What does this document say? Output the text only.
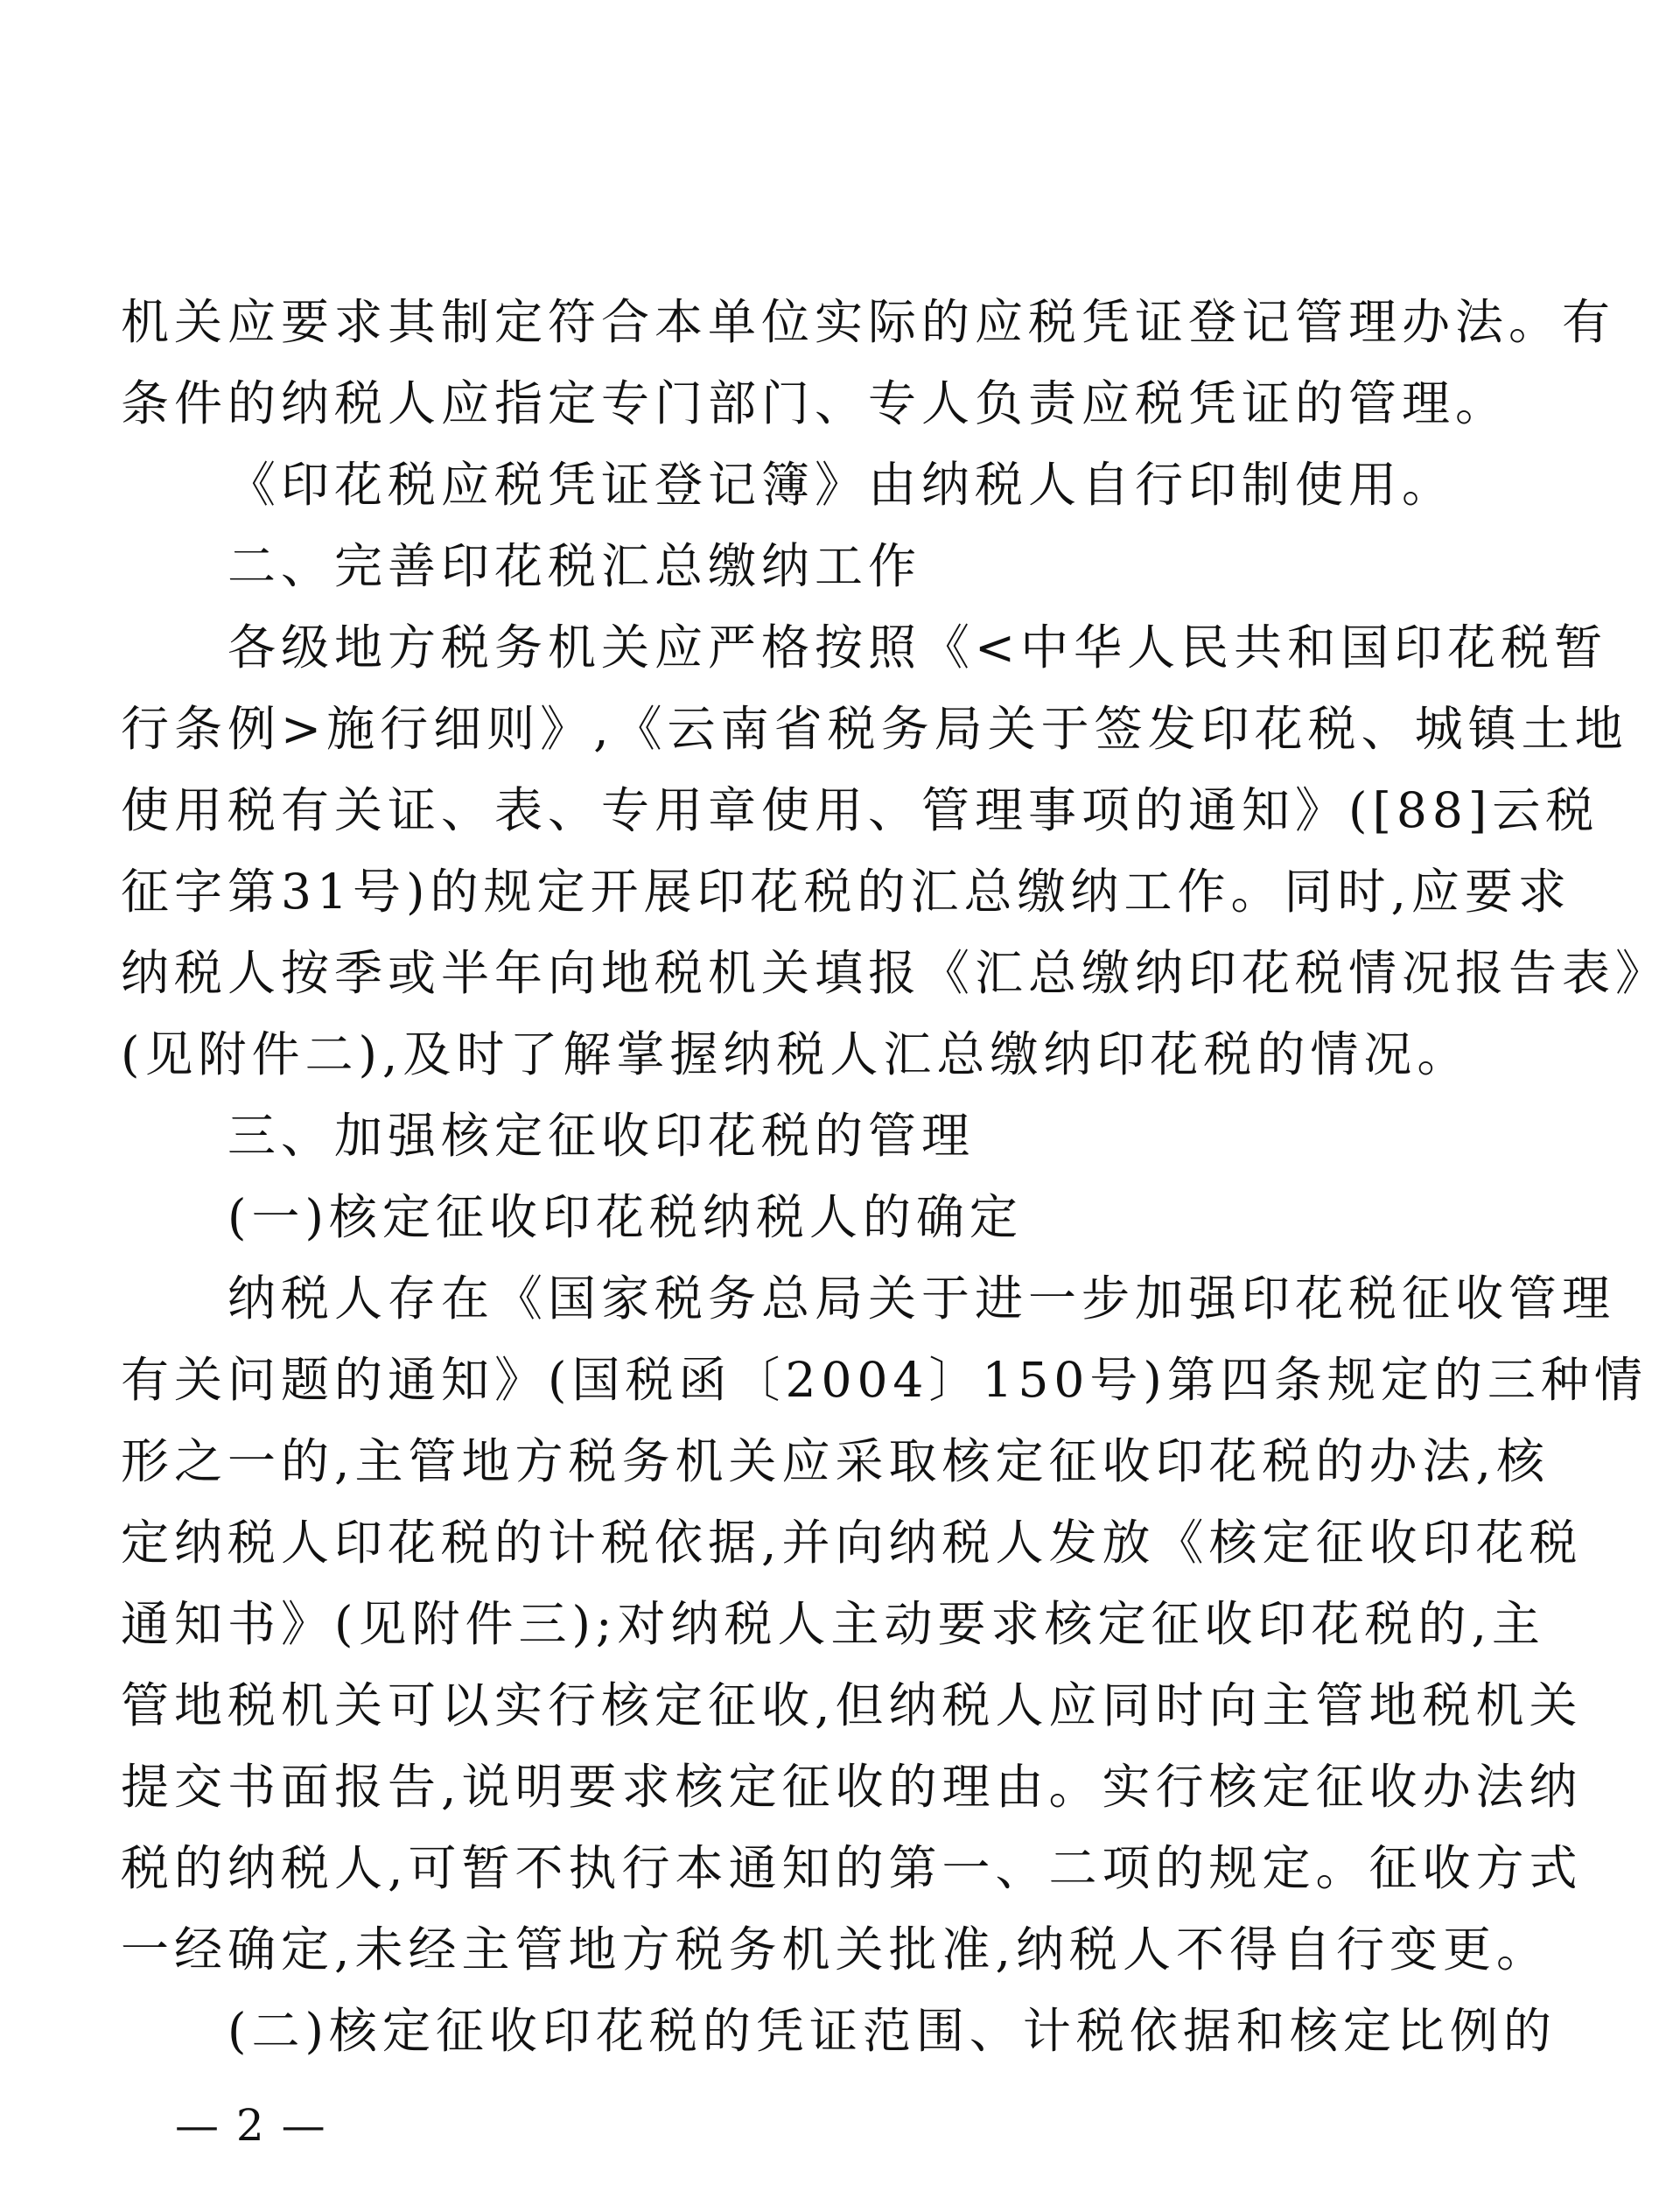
机关应要求其制定符合本单位实际的应税凭证登记管理办法。有
条件的纳税人应指定专门部门、专人负责应税凭证的管理。
《印花税应税凭证登记簿》由纳税人自行印制使用。
二、完善印花税汇总缴纳工作
各级地方税务机关应严格按照《<中华人民共和国印花税暂
行条例>施行细则》,《云南省税务局关于签发印花税、城镇土地
使用税有关证、表、专用章使用、管理事项的通知》([88]云税
征字第31号)的规定开展印花税的汇总缴纳工作。同时,应要求
纳税人按季或半年向地税机关填报《汇总缴纳印花税情况报告表》
(见附件二),及时了解掌握纳税人汇总缴纳印花税的情况。
三、加强核定征收印花税的管理
(一)核定征收印花税纳税人的确定
纳税人存在《国家税务总局关于进一步加强印花税征收管理
有关问题的通知》(国税函〔2004〕150号)第四条规定的三种情
形之一的,主管地方税务机关应采取核定征收印花税的办法,核
定纳税人印花税的计税依据,并向纳税人发放《核定征收印花税
通知书》(见附件三);对纳税人主动要求核定征收印花税的,主
管地税机关可以实行核定征收,但纳税人应同时向主管地税机关
提交书面报告,说明要求核定征收的理由。实行核定征收办法纳
税的纳税人,可暂不执行本通知的第一、二项的规定。征收方式
一经确定,未经主管地方税务机关批准,纳税人不得自行变更。
(二)核定征收印花税的凭证范围、计税依据和核定比例的
— 2 —
